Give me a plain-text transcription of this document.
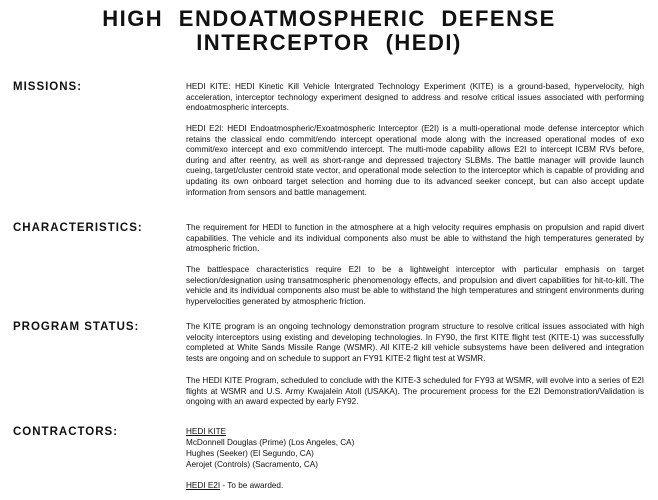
HIGH ENDOATMOSPHERIC DEFENSE
INTERCEPTOR (HEDI)
MISSIONS:	HEDI KITE: HEDI Kinetic Kill Vehicle Intergrated Technology Experiment (KITE) is a ground-based, hypervelocity, high acceleration, interceptor technology experiment designed to address and resolve critical issues associated with performing endoatmospheric intercepts.

HEDI E2I: HEDI Endoatmospheric/Exoatmospheric Interceptor (E2I) is a multi-operational mode defense interceptor which retains the classical endo commit/endo intercept operational mode along with the increased operational modes of exo commit/exo intercept and exo commit/endo intercept. The multi-mode capability allows E2I to intercept ICBM RVs before, during and after reentry, as well as short-range and depressed trajectory SLBMs. The battle manager will provide launch cueing, target/cluster centroid state vector, and operational mode selection to the interceptor which is capable of providing and updating its own onboard target selection and homing due to its advanced seeker concept, but can also accept update information from sensors and battle management.

CHARACTERISTICS:	The requirement for HEDI to function in the atmosphere at a high velocity requires emphasis on propulsion and rapid divert capabilities. The vehicle and its individual components also must be able to withstand the high temperatures generated by atmospheric friction.

The battlespace characteristics require E2I to be a lightweight interceptor with particular emphasis on target selection/designation using transatmospheric phenomenology effects, and propulsion and divert capabilities for hit-to-kill. The vehicle and its individual components also must be able to withstand the high temperatures and stringent environments during hypervelocities generated by atmospheric friction.

PROGRAM STATUS:	The KITE program is an ongoing technology demonstration program structure to resolve critical issues associated with high velocity interceptors using existing and developing technologies. In FY90, the first KITE flight test (KITE-1) was successfully completed at White Sands Missile Range (WSMR). All KITE-2 kill vehicle subsystems have been delivered and integration tests are ongoing and on schedule to support an FY91 KITE-2 flight test at WSMR.

The HEDI KITE Program, scheduled to conclude with the KITE-3 scheduled for FY93 at WSMR, will evolve into a series of E2I flights at WSMR and U.S. Army Kwajalein Atoll (USAKA). The procurement process for the E2I Demonstration/Validation is ongoing with an award expected by early FY92.

CONTRACTORS:	HEDI KITE
McDonnell Douglas (Prime) (Los Angeles, CA)
Hughes (Seeker) (El Segundo, CA)
Aerojet (Controls) (Sacramento, CA)
HEDI E2I - To be awarded.
